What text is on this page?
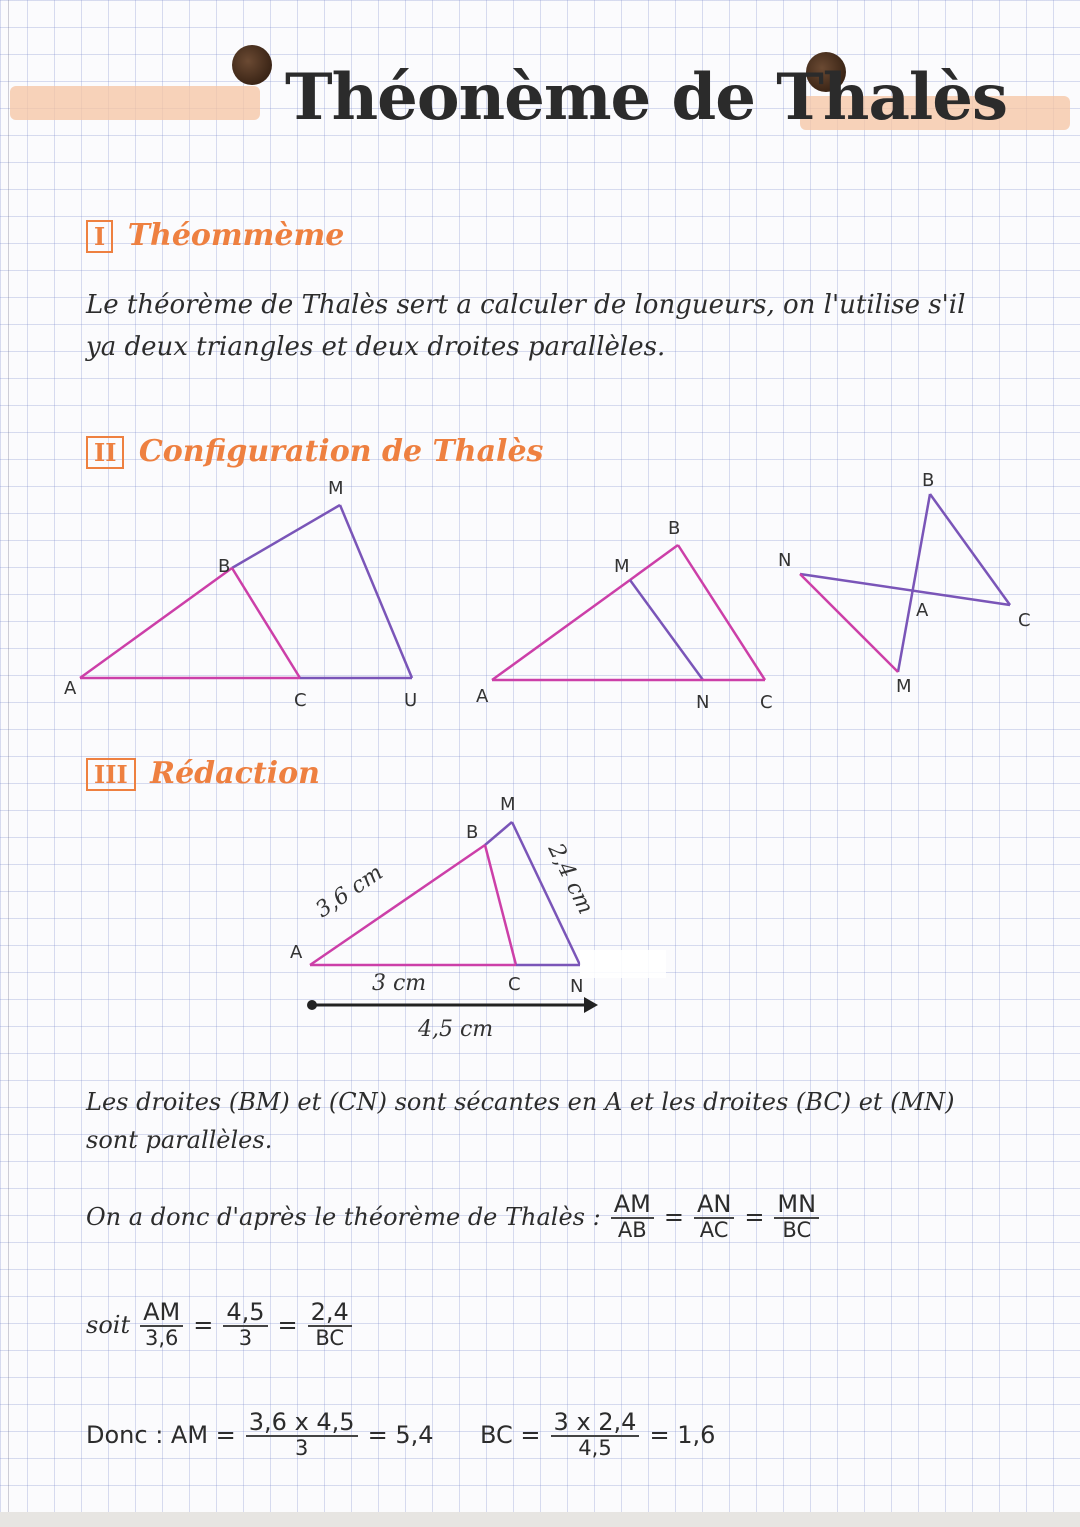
Théonème de Thalès
I Théommème

Le théorème de Thalès sert a calculer de longueurs, on l'utilise s'il

ya deux triangles et deux droites parallèles.

II Configuration de Thalès
A
B
M
C	U	A
M
B
N	C
N
B
A	C
M
A
B
M
C	N
3,6 cm	2,4 cm
3 cm
4,5 cm
III Rédaction

Les droites (BM) et (CN) sont sécantes en A et les droites (BC) et (MN)

sont parallèles.

On a donc d'après le théorème de Thalès : $\frac{AM}{AB} = \frac{AN}{AC} = \frac{MN}{BC}$
soit $\frac{AM}{3,6} = \frac{4,5}{3} = \frac{2,4}{BC}$
Donc : AM = $\frac{3,6 x 4,5}{3} = 5,4$ BC = $\frac{3 x 2,4}{4,5} = 1,6$
